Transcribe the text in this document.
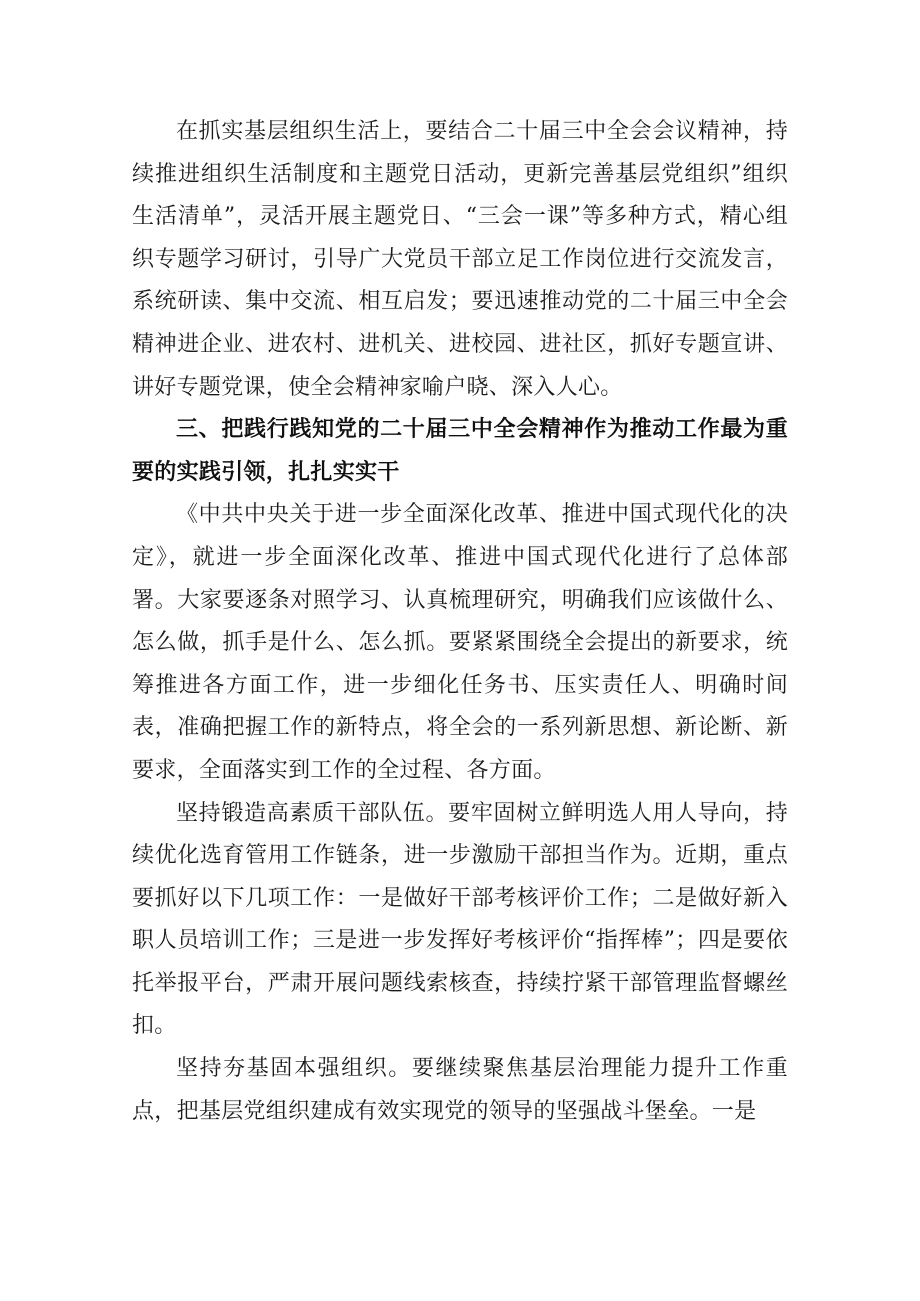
在抓实基层组织生活上，要结合二十届三中全会会议精神，持续推进组织生活制度和主题党日活动，更新完善基层党组织”组织生活清单”，灵活开展主题党日、“三会一课”等多种方式，精心组织专题学习研讨，引导广大党员干部立足工作岗位进行交流发言，系统研读、集中交流、相互启发；要迅速推动党的二十届三中全会精神进企业、进农村、进机关、进校园、进社区，抓好专题宣讲、讲好专题党课，使全会精神家喻户晓、深入人心。

三、把践行践知党的二十届三中全会精神作为推动工作最为重要的实践引领，扎扎实实干

《中共中央关于进一步全面深化改革、推进中国式现代化的决定》，就进一步全面深化改革、推进中国式现代化进行了总体部署。大家要逐条对照学习、认真梳理研究，明确我们应该做什么、怎么做，抓手是什么、怎么抓。要紧紧围绕全会提出的新要求，统筹推进各方面工作，进一步细化任务书、压实责任人、明确时间表，准确把握工作的新特点，将全会的一系列新思想、新论断、新要求，全面落实到工作的全过程、各方面。

坚持锻造高素质干部队伍。要牢固树立鲜明选人用人导向，持续优化选育管用工作链条，进一步激励干部担当作为。近期，重点要抓好以下几项工作：一是做好干部考核评价工作；二是做好新入职人员培训工作；三是进一步发挥好考核评价“指挥棒”；四是要依托举报平台，严肃开展问题线索核查，持续拧紧干部管理监督螺丝扣。

坚持夯基固本强组织。要继续聚焦基层治理能力提升工作重点，把基层党组织建成有效实现党的领导的坚强战斗堡垒。一是
